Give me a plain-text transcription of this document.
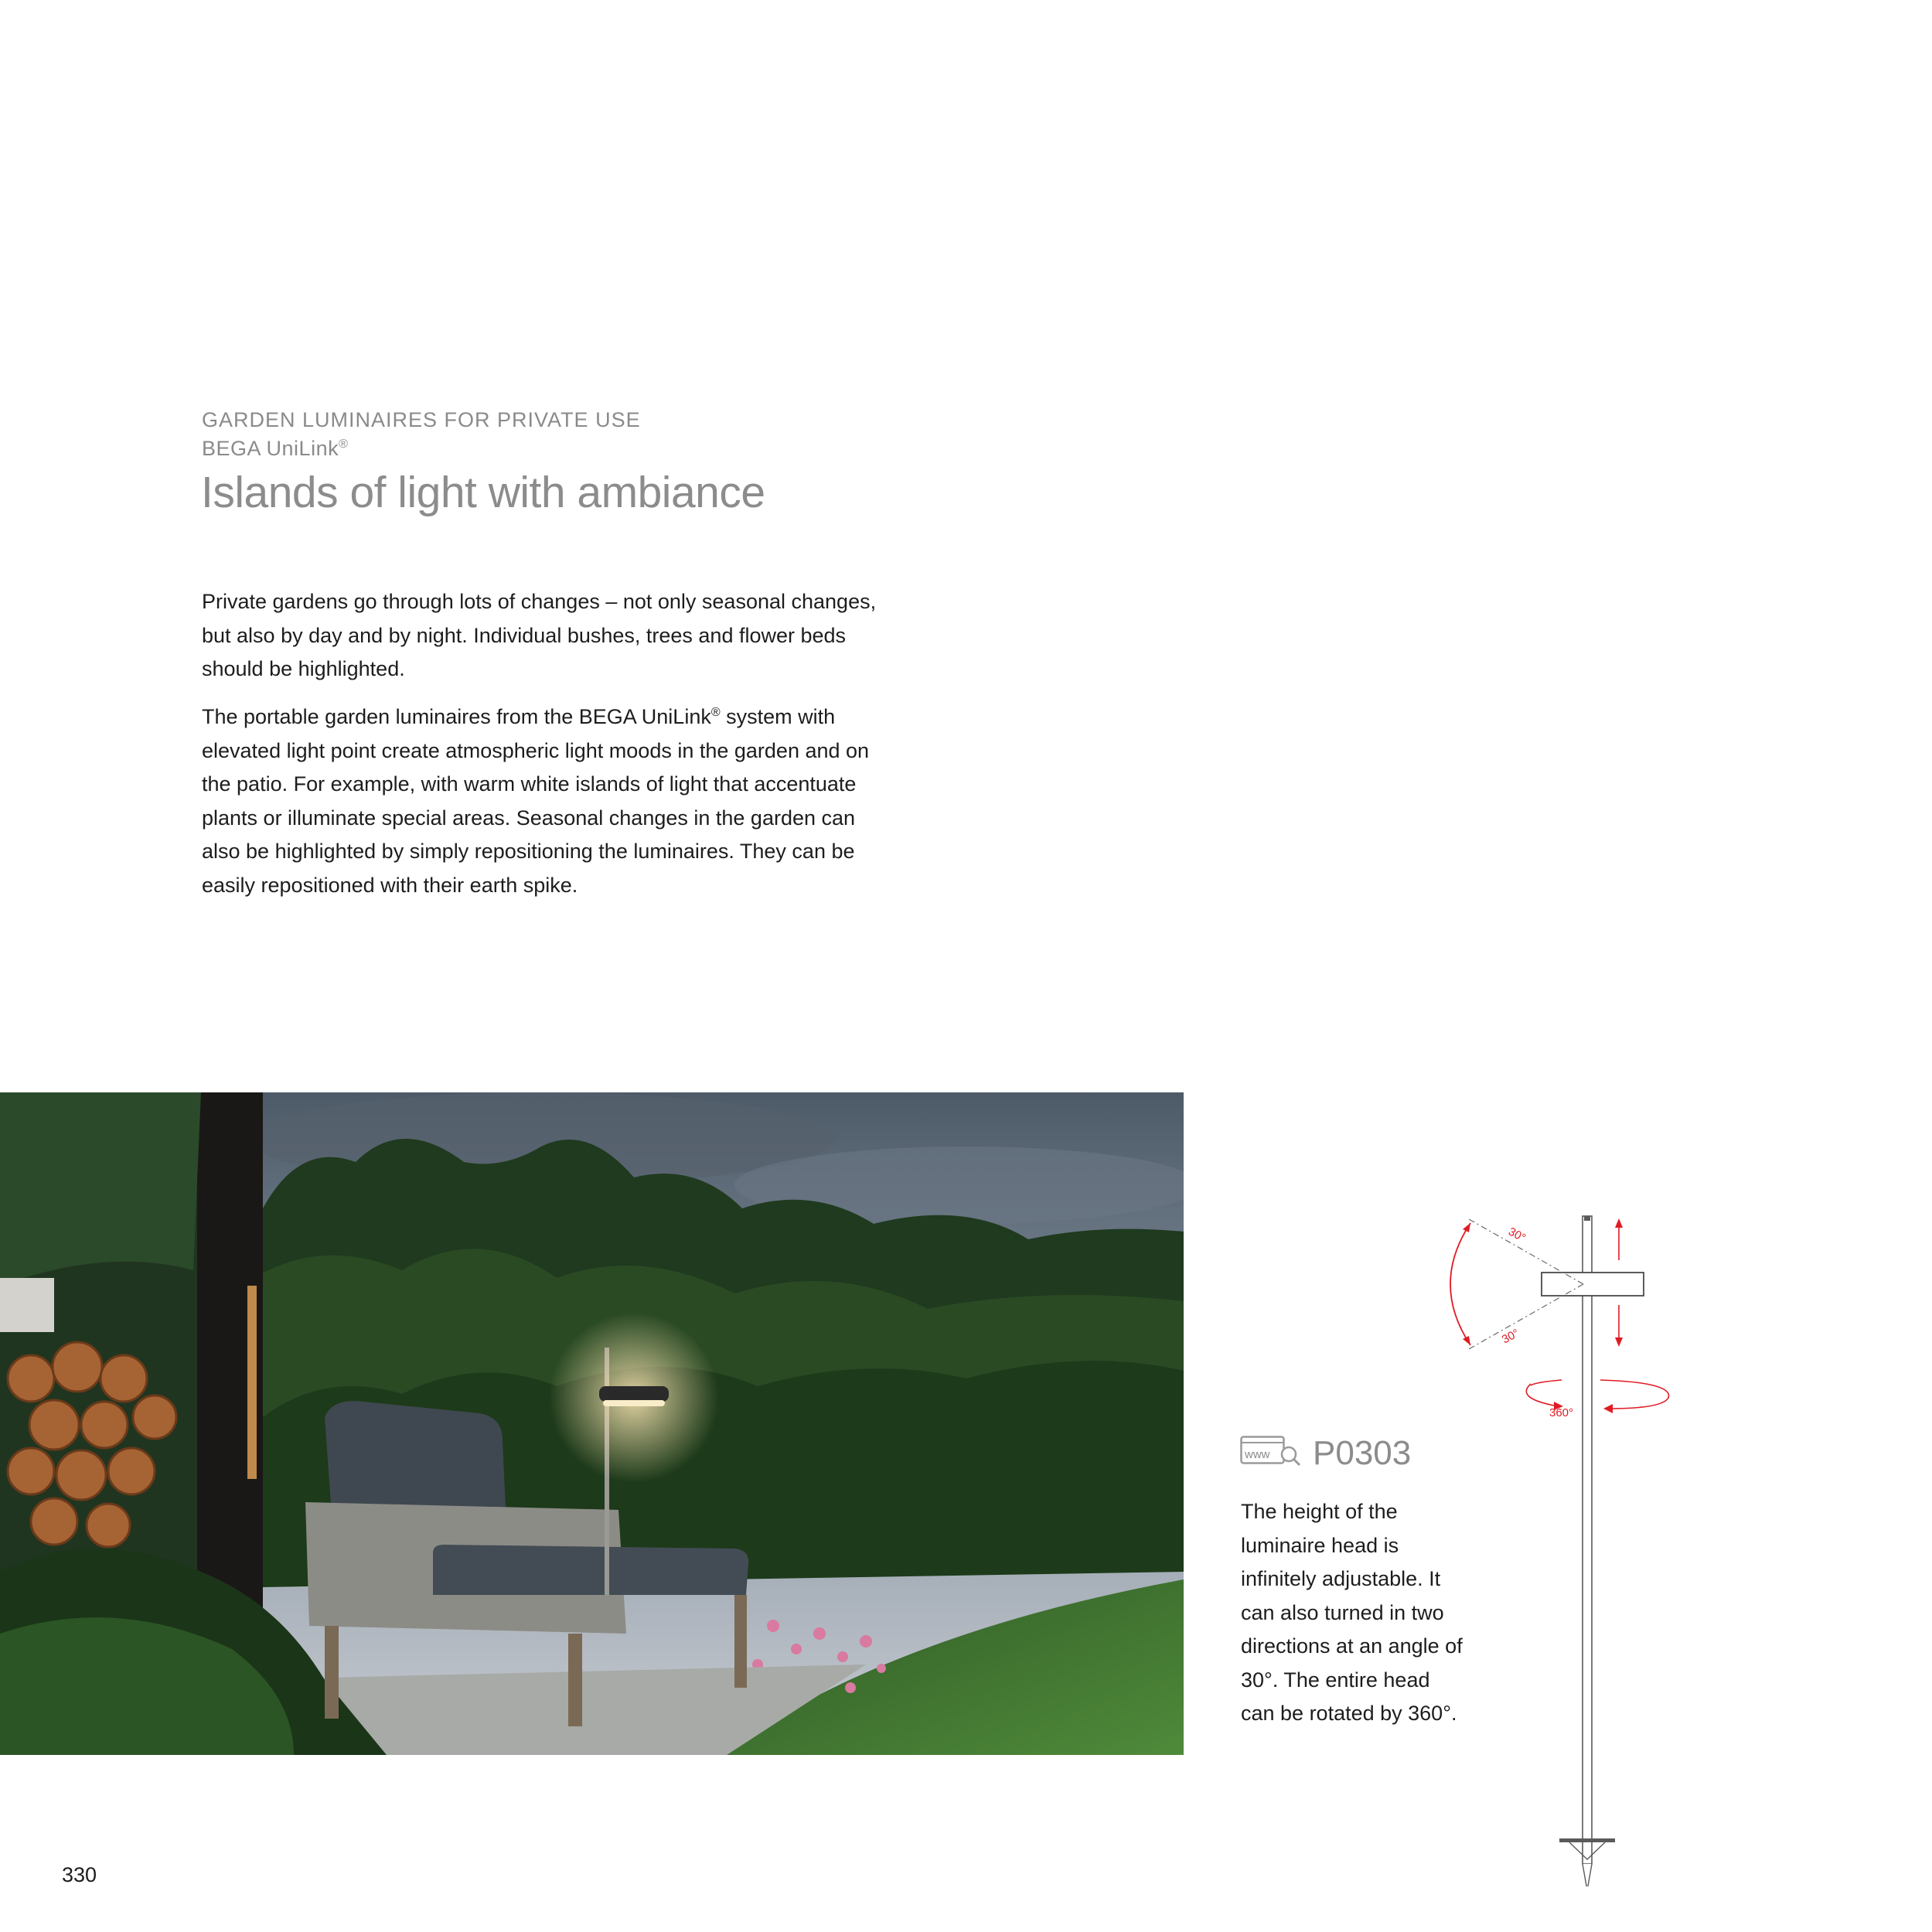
GARDEN LUMINAIRES FOR PRIVATE USE
BEGA UniLink®
Islands of light with ambiance

Private gardens go through lots of changes – not only seasonal changes, but also by day and by night. Individual bushes, trees and flower beds should be highlighted.

The portable garden luminaires from the BEGA UniLink® system with elevated light point create atmospheric light moods in the garden and on the patio. For example, with warm white islands of light that accentuate plants or illuminate special areas. Seasonal changes in the garden can also be highlighted by simply repositioning the luminaires. They can be easily repositioned with their earth spike.

www P0303

The height of the luminaire head is infinitely adjustable. It can also turned in two directions at an angle of 30°. The entire head can be rotated by 360°.

30°
30°
360°
330
